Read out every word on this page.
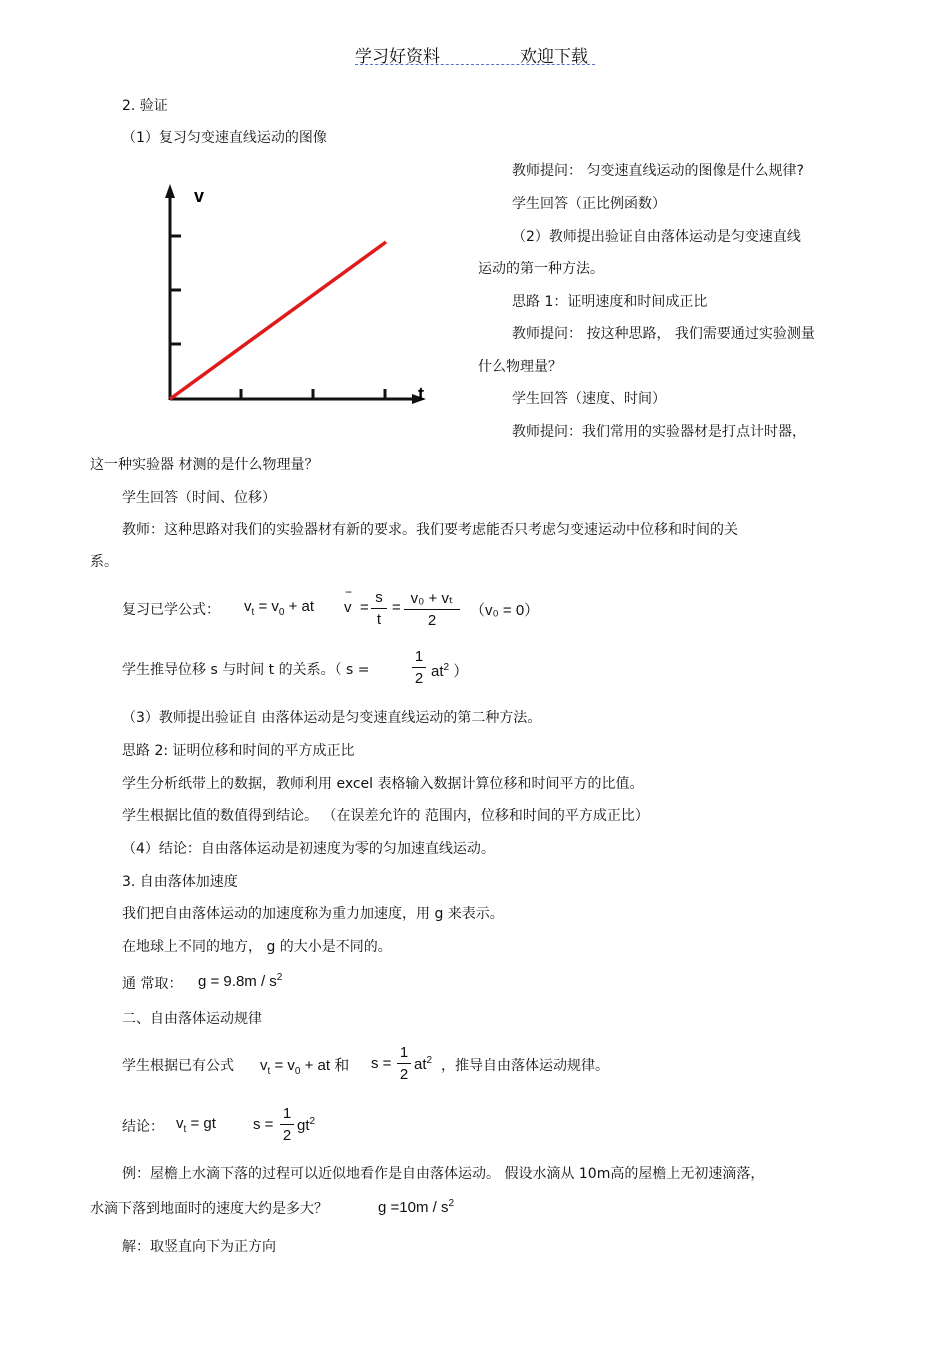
学习好资料	欢迎下载
2. 验证
（1）复习匀变速直线运动的图像
v
t
教师提问： 匀变速直线运动的图像是什么规律?
学生回答（正比例函数）
（2）教师提出验证自由落体运动是匀变速直线
运动的第一种方法。
思路 1：证明速度和时间成正比
教师提问： 按这种思路， 我们需要通过实验测量
什么物理量？
学生回答（速度、时间）
教师提问：我们常用的实验器材是打点计时器，
这一种实验器 材测的是什么物理量？
学生回答（时间、位移）
教师：这种思路对我们的实验器材有新的要求。我们要考虑能否只考虑匀变速运动中位移和时间的关
系。
复习已学公式： $v_t = v_0$ + at
−
v =
s
t
=
v₀ + vₜ
2
（v₀ = 0）
学生推导位移 s 与时间 t 的关系。（ s =
1
2 $at^2$ ）
（3）教师提出验证自 由落体运动是匀变速直线运动的第二种方法。
思路 2: 证明位移和时间的平方成正比
学生分析纸带上的数据，教师利用 excel 表格输入数据计算位移和时间平方的比值。
学生根据比值的数值得到结论。 （在误差允许的 范围内，位移和时间的平方成正比）
（4）结论：自由落体运动是初速度为零的匀加速直线运动。
3. 自由落体加速度
我们把自由落体运动的加速度称为重力加速度，用 g 来表示。
在地球上不同的地方， g 的大小是不同的。
通 常取： $g = 9.8m / s^2$
二、自由落体运动规律
学生根据已有公式 $v_t = v_0$ + at 和 s =
1
2
$at^2$ ，推导自由落体运动规律。
结论： $v_t$ = gt s =
1
2
$gt^2$
例：屋檐上水滴下落的过程可以近似地看作是自由落体运动。 假设水滴从 10m高的屋檐上无初速滴落，
水滴下落到地面时的速度大约是多大？	$g =10m / s^2$
解：取竖直向下为正方向
